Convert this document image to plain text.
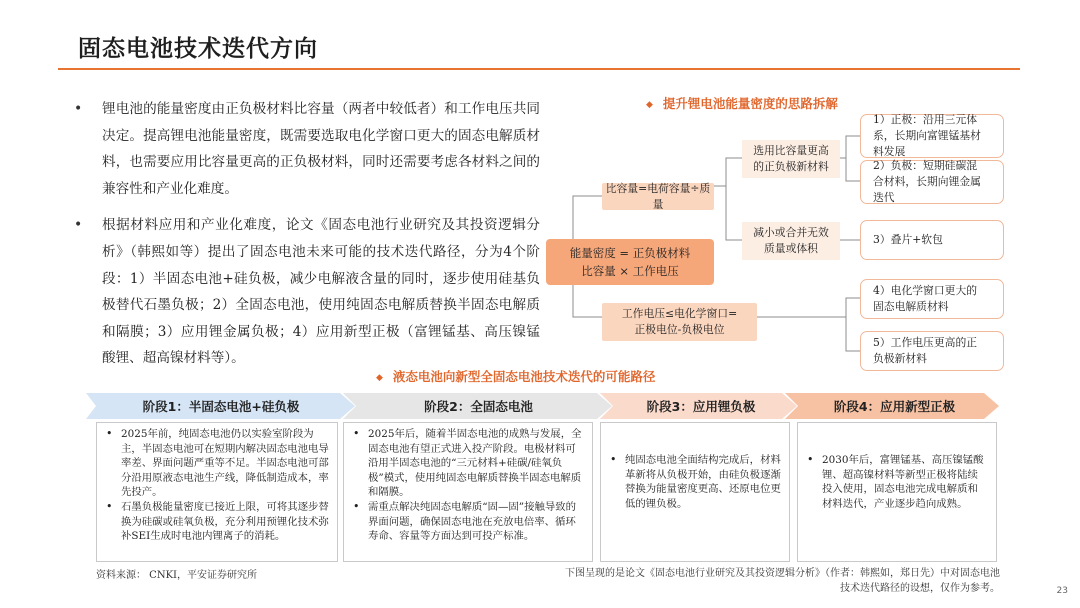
固态电池技术迭代方向
• 锂电池的能量密度由正负极材料比容量（两者中较低者）和工作电压共同决定。提高锂电池能量密度，既需要选取电化学窗口更大的固态电解质材料，也需要应用比容量更高的正负极材料，同时还需要考虑各材料之间的兼容性和产业化难度。
• 根据材料应用和产业化难度，论文《固态电池行业研究及其投资逻辑分析》（韩熙如等）提出了固态电池未来可能的技术迭代路径，分为4个阶段：1）半固态电池+硅负极，减少电解液含量的同时，逐步使用硅基负极替代石墨负极；2）全固态电池，使用纯固态电解质替换半固态电解质和隔膜；3）应用锂金属负极；4）应用新型正极（富锂锰基、高压镍锰酸锂、超高镍材料等）。
◆ 提升锂电池能量密度的思路拆解
能量密度 = 正负极材料
比容量 × 工作电压
比容量=电荷容量÷质量
工作电压≤电化学窗口=
正极电位-负极电位
选用比容量更高
的正负极新材料
减小或合并无效
质量或体积
1）正极：沿用三元体
系，长期向富锂锰基材
料发展
2）负极：短期硅碳混
合材料，长期向锂金属
迭代
3）叠片+软包
4）电化学窗口更大的
固态电解质材料
5）工作电压更高的正
负极新材料
◆ 液态电池向新型全固态电池技术迭代的可能路径
阶段1：半固态电池+硅负极	阶段2：全固态电池	阶段3：应用锂负极	阶段4：应用新型正极
• 2025年前，纯固态电池仍以实验室阶段为主，半固态电池可在短期内解决固态电池电导率差、界面问题严重等不足。半固态电池可部分沿用原液态电池生产线，降低制造成本，率先投产。
• 石墨负极能量密度已接近上限，可将其逐步替换为硅碳或硅氧负极，充分利用预锂化技术弥补SEI生成时电池内锂离子的消耗。
• 2025年后，随着半固态电池的成熟与发展，全固态电池有望正式进入投产阶段。电极材料可沿用半固态电池的“三元材料+硅碳/硅氧负极”模式，使用纯固态电解质替换半固态电解质和隔膜。
• 需重点解决纯固态电解质“固—固”接触导致的界面问题，确保固态电池在充放电倍率、循环寿命、容量等方面达到可投产标准。
• 纯固态电池全面结构完成后，材料革新将从负极开始，由硅负极逐渐替换为能量密度更高、还原电位更低的锂负极。
• 2030年后，富锂锰基、高压镍锰酸锂、超高镍材料等新型正极将陆续投入使用，固态电池完成电解质和材料迭代，产业逐步趋向成熟。
资料来源： CNKI，平安证券研究所	下图呈现的是论文《固态电池行业研究及其投资逻辑分析》（作者：韩熙如，郑日先）中对固态电池技术迭代路径的设想，仅作为参考。	23
